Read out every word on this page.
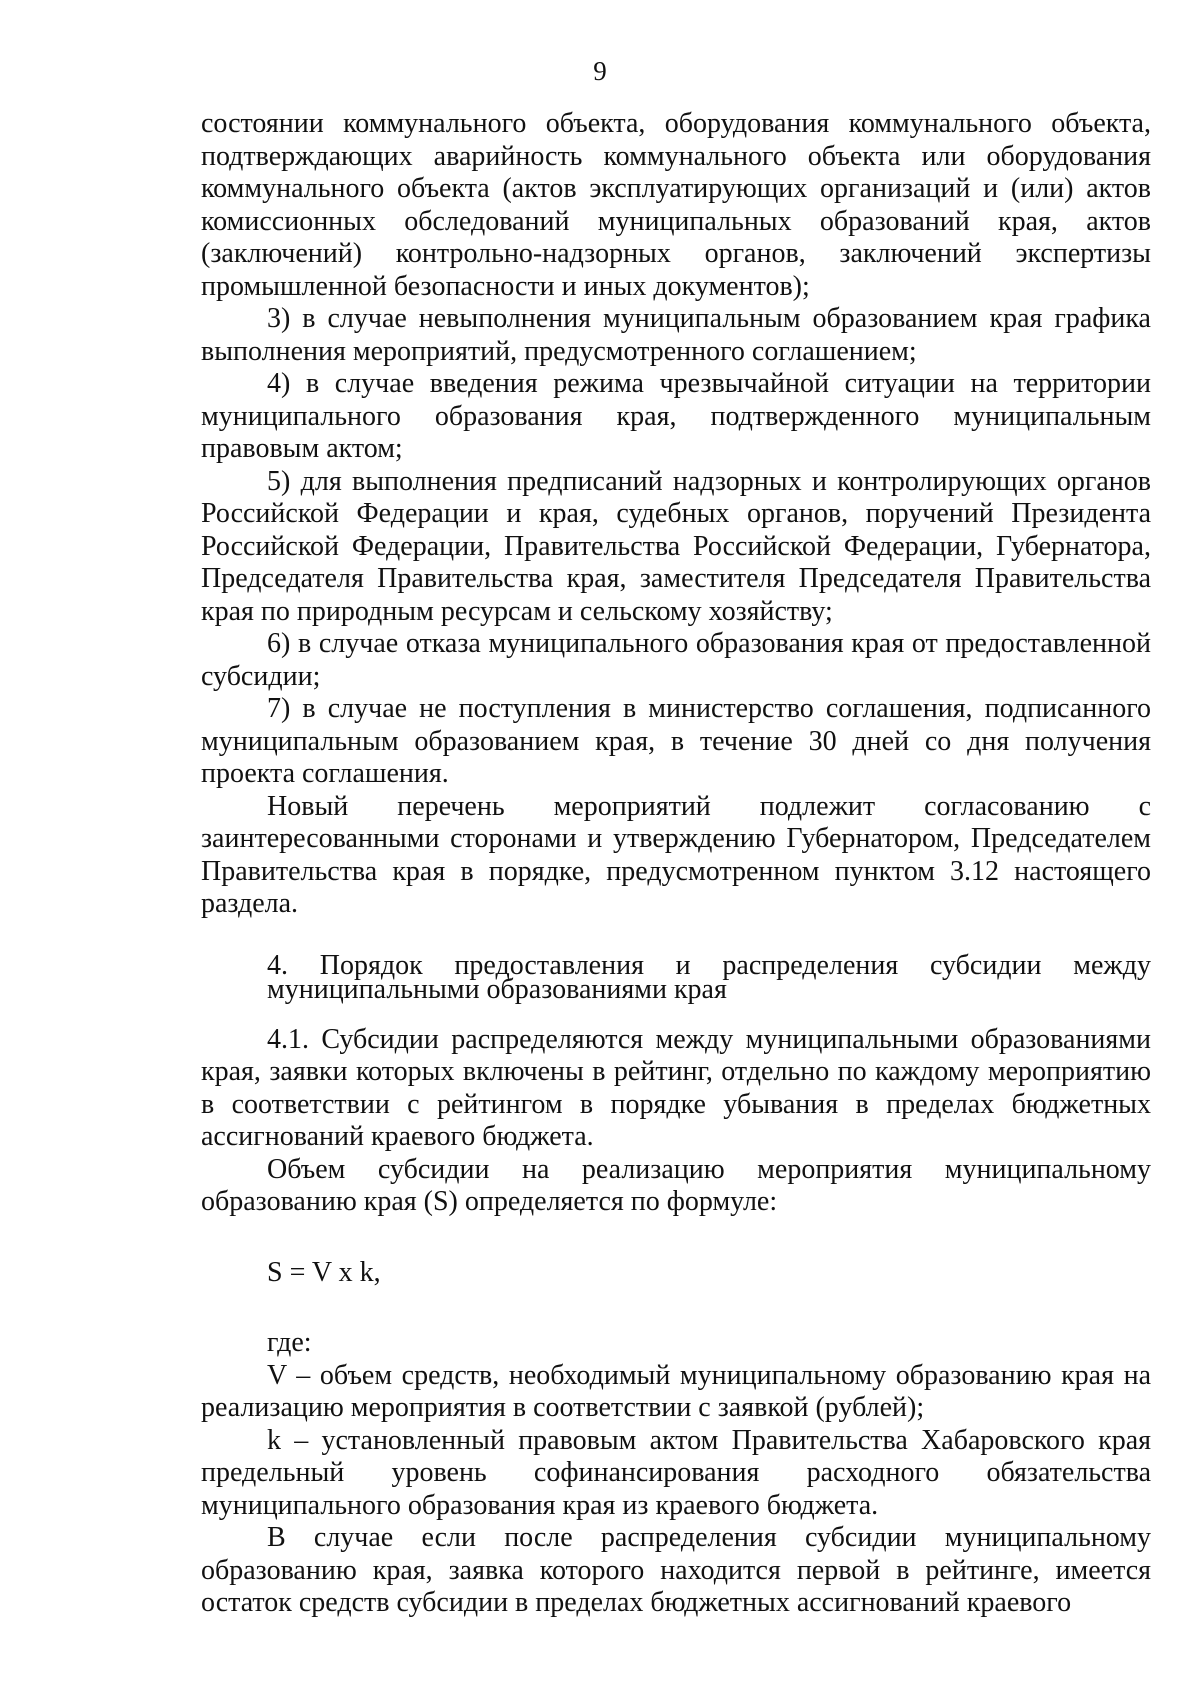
9

состоянии коммунального объекта, оборудования коммунального объекта, подтверждающих аварийность коммунального объекта или оборудования коммунального объекта (актов эксплуатирующих организаций и (или) актов комиссионных обследований муниципальных образований края, актов (заключений) контрольно-надзорных органов, заключений экспертизы промышленной безопасности и иных документов);

3) в случае невыполнения муниципальным образованием края графика выполнения мероприятий, предусмотренного соглашением;

4) в случае введения режима чрезвычайной ситуации на территории муниципального образования края, подтвержденного муниципальным правовым актом;

5) для выполнения предписаний надзорных и контролирующих органов Российской Федерации и края, судебных органов, поручений Президента Российской Федерации, Правительства Российской Федерации, Губернатора, Председателя Правительства края, заместителя Председателя Правительства края по природным ресурсам и сельскому хозяйству;

6) в случае отказа муниципального образования края от предоставленной субсидии;

7) в случае не поступления в министерство соглашения, подписанного муниципальным образованием края, в течение 30 дней со дня получения проекта соглашения.

Новый перечень мероприятий подлежит согласованию с заинтересованными сторонами и утверждению Губернатором, Председателем Правительства края в порядке, предусмотренном пунктом 3.12 настоящего раздела.

4. Порядок предоставления и распределения субсидии между муниципальными образованиями края

4.1. Субсидии распределяются между муниципальными образованиями края, заявки которых включены в рейтинг, отдельно по каждому мероприятию в соответствии с рейтингом в порядке убывания в пределах бюджетных ассигнований краевого бюджета.

Объем субсидии на реализацию мероприятия муниципальному образованию края (S) определяется по формуле:

S = V x k,

где:

V – объем средств, необходимый муниципальному образованию края на реализацию мероприятия в соответствии с заявкой (рублей);

k – установленный правовым актом Правительства Хабаровского края предельный уровень софинансирования расходного обязательства муниципального образования края из краевого бюджета.

В случае если после распределения субсидии муниципальному образованию края, заявка которого находится первой в рейтинге, имеется остаток средств субсидии в пределах бюджетных ассигнований краевого
